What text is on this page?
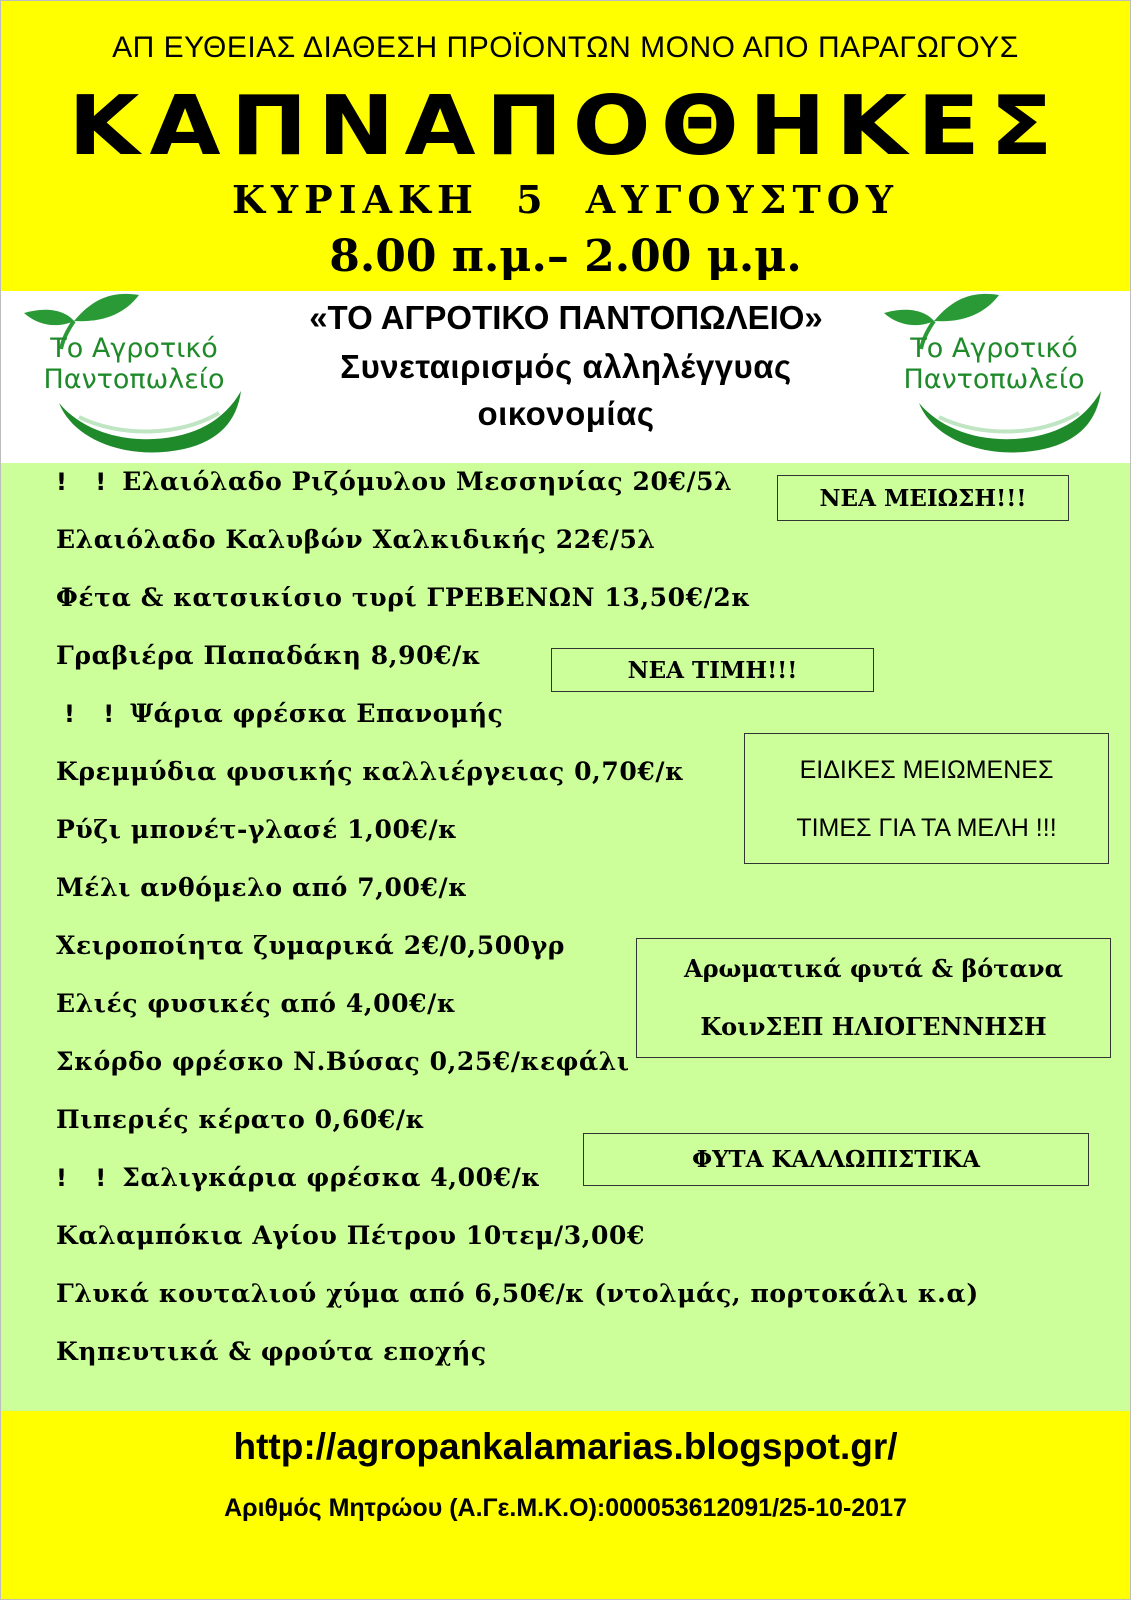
ΑΠ ΕΥΘΕΙΑΣ ΔΙΑΘΕΣΗ ΠΡΟΪΟΝΤΩΝ ΜΟΝΟ ΑΠΟ ΠΑΡΑΓΩΓΟΥΣ
ΚΑΠΝΑΠΟΘΗΚΕΣ
ΚΥΡΙΑΚΗ 5 ΑΥΓΟΥΣΤΟΥ
8.00 π.μ.– 2.00 μ.μ.
Το Αγροτικό
Παντοπωλείο
Το Αγροτικό
Παντοπωλείο
«ΤΟ ΑΓΡΟΤΙΚΟ ΠΑΝΤΟΠΩΛΕΙΟ»
Συνεταιρισμός αλληλέγγυας
οικονομίας
! ! Ελαιόλαδο Ριζόμυλου Μεσσηνίας 20€/5λ
Ελαιόλαδο Καλυβών Χαλκιδικής 22€/5λ
Φέτα & κατσικίσιο τυρί ΓΡΕΒΕΝΩΝ 13,50€/2κ
Γραβιέρα Παπαδάκη 8,90€/κ
! ! Ψάρια φρέσκα Επανομής
Κρεμμύδια φυσικής καλλιέργειας 0,70€/κ
Ρύζι μπονέτ-γλασέ 1,00€/κ
Μέλι ανθόμελο από 7,00€/κ
Χειροποίητα ζυμαρικά 2€/0,500γρ
Ελιές φυσικές από 4,00€/κ
Σκόρδο φρέσκο Ν.Βύσας 0,25€/κεφάλι
Πιπεριές κέρατο 0,60€/κ
! ! Σαλιγκάρια φρέσκα 4,00€/κ
Καλαμπόκια Αγίου Πέτρου 10τεμ/3,00€
Γλυκά κουταλιού χύμα από 6,50€/κ (ντολμάς, πορτοκάλι κ.α)
Κηπευτικά & φρούτα εποχής
ΝΕΑ ΜΕΙΩΣΗ!!!
ΝΕΑ ΤΙΜΗ!!!
ΕΙΔΙΚΕΣ ΜΕΙΩΜΕΝΕΣ
ΤΙΜΕΣ ΓΙΑ ΤΑ ΜΕΛΗ !!!
Αρωματικά φυτά & βότανα
ΚοινΣΕΠ ΗΛΙΟΓΕΝΝΗΣΗ
ΦΥΤΑ ΚΑΛΛΩΠΙΣΤΙΚΑ
http://agropankalamarias.blogspot.gr/
Αριθμός Μητρώου (Α.Γε.Μ.Κ.Ο):000053612091/25-10-2017
